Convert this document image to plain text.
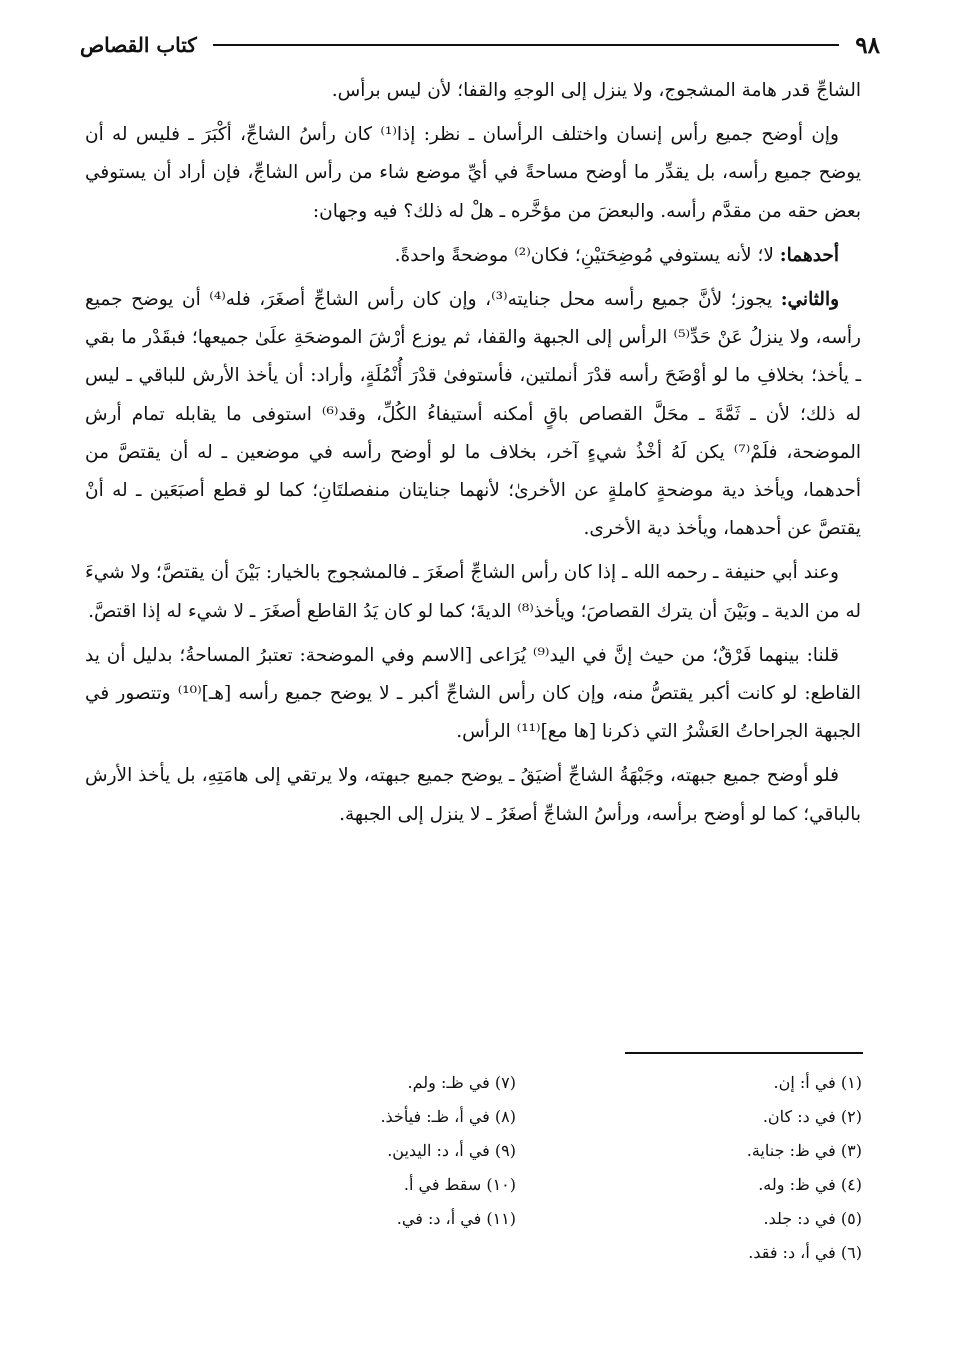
٩٨
كتاب القصاص

الشاجِّ قدر هامة المشجوج، ولا ينزل إلى الوجهِ والقفا؛ لأن ليس برأس.

وإن أوضح جميع رأس إنسان واختلف الرأسان ـ نظر: إذا⁽¹⁾ كان رأسُ الشاجِّ، أكْبَرَ ـ فليس له أن يوضح جميع رأسه، بل يقدِّر ما أوضح مساحةً في أيِّ موضع شاء من رأس الشاجِّ، فإن أراد أن يستوفي بعض حقه من مقدَّم رأسه. والبعضَ من مؤخَّره ـ هلْ له ذلك؟ فيه وجهان:

أحدهما: لا؛ لأنه يستوفي مُوضِحَتيْنِ؛ فكان⁽²⁾ موضحةً واحدةً.

والثاني: يجوز؛ لأنَّ جميع رأسه محل جنايته⁽³⁾، وإن كان رأس الشاجِّ أصغَرَ، فله⁽⁴⁾ أن يوضح جميع رأسه، ولا ينزلُ عَنْ حَدِّ⁽⁵⁾ الرأس إلى الجبهة والقفا، ثم يوزع أرْشَ الموضحَةِ علَىٰ جميعها؛ فبقَدْر ما بقي ـ يأخذ؛ بخلافِ ما لو أوْضَحَ رأسه قدْرَ أنملتين، فأستوفىٰ قدْرَ أُنْمُلَةٍ، وأراد: أن يأخذ الأرش للباقي ـ ليس له ذلك؛ لأن ـ ثَمَّةَ ـ محَلَّ القصاص باقٍ أمكنه أستيفاءُ الكُلِّ، وقد⁽⁶⁾ استوفى ما يقابله تمام أرش الموضحة، فلَمْ⁽⁷⁾ يكن لَهُ أخْذُ شيءٍ آخر، بخلاف ما لو أوضح رأسه في موضعين ـ له أن يقتصَّ من أحدهما، ويأخذ دية موضحةٍ كاملةٍ عن الأخرىٰ؛ لأنهما جنايتان منفصلتَانِ؛ كما لو قطع أصبَعَين ـ له أنْ يقتصَّ عن أحدهما، ويأخذ دية الأخرى.

وعند أبي حنيفة ـ رحمه الله ـ إذا كان رأس الشاجِّ أصغَرَ ـ فالمشجوج بالخيار: بَيْنَ أن يقتصَّ؛ ولا شيءَ له من الدية ـ وبَيْنَ أن يترك القصاصَ؛ ويأخذ⁽⁸⁾ الديةَ؛ كما لو كان يَدُ القاطع أصغَرَ ـ لا شيء له إذا اقتصَّ.

قلنا: بينهما فَرْقٌ؛ من حيث إنَّ في اليد⁽⁹⁾ يُرَاعى [الاسم وفي الموضحة: تعتبرُ المساحةُ؛ بدليل أن يد القاطع: لو كانت أكبر يقتصُّ منه، وإن كان رأس الشاجِّ أكبر ـ لا يوضح جميع رأسه [هـ]⁽¹⁰⁾ وتتصور في الجبهة الجراحاتُ العَشْرُ التي ذكرنا [ها مع]⁽¹¹⁾ الرأس.

فلو أوضح جميع جبهته، وجَبْهَةُ الشاجِّ أضيَقُ ـ يوضح جميع جبهته، ولا يرتقي إلى هامَتِهِ، بل يأخذ الأرش بالباقي؛ كما لو أوضح برأسه، ورأسُ الشاجِّ أصغَرُ ـ لا ينزل إلى الجبهة.

(١) في أ: إن.
(٢) في د: كان.
(٣) في ظ: جناية.
(٤) في ظ: وله.
(٥) في د: جلد.
(٦) في أ، د: فقد.
(٧) في ظـ: ولم.
(٨) في أ، ظـ: فيأخذ.
(٩) في أ، د: اليدين.
(١٠) سقط في أ.
(١١) في أ، د: في.
